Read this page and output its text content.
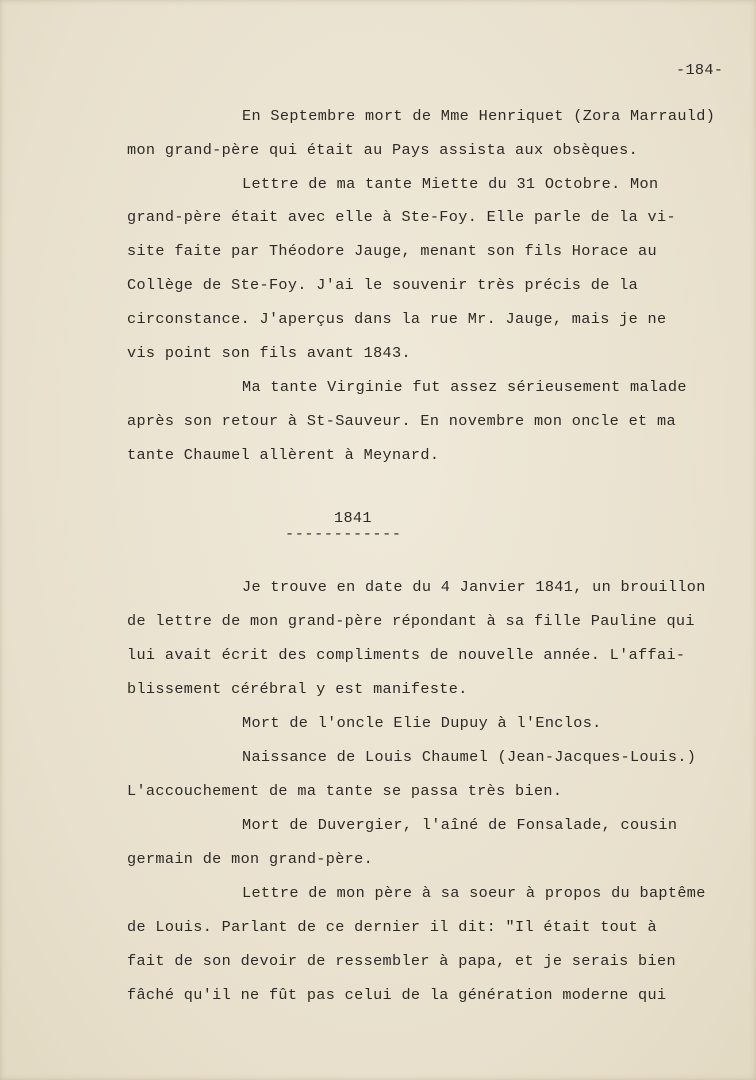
-184-
En Septembre mort de Mme Henriquet (Zora Marrauld)
mon grand-père qui était au Pays assista aux obsèques.
Lettre de ma tante Miette du 31 Octobre. Mon
grand-père était avec elle à Ste-Foy. Elle parle de la vi-
site faite par Théodore Jauge, menant son fils Horace au
Collège de Ste-Foy. J'ai le souvenir très précis de la
circonstance. J'aperçus dans la rue Mr. Jauge, mais je ne
vis point son fils avant 1843.
Ma tante Virginie fut assez sérieusement malade
après son retour à St-Sauveur. En novembre mon oncle et ma
tante Chaumel allèrent à Meynard.
Je trouve en date du 4 Janvier 1841, un brouillon
de lettre de mon grand-père répondant à sa fille Pauline qui
lui avait écrit des compliments de nouvelle année. L'affai-
blissement cérébral y est manifeste.
Mort de l'oncle Elie Dupuy à l'Enclos.
Naissance de Louis Chaumel (Jean-Jacques-Louis.)
L'accouchement de ma tante se passa très bien.
Mort de Duvergier, l'aîné de Fonsalade, cousin
germain de mon grand-père.
Lettre de mon père à sa soeur à propos du baptême
de Louis. Parlant de ce dernier il dit: "Il était tout à
fait de son devoir de ressembler à papa, et je serais bien
fâché qu'il ne fût pas celui de la génération moderne qui
1841
------------
